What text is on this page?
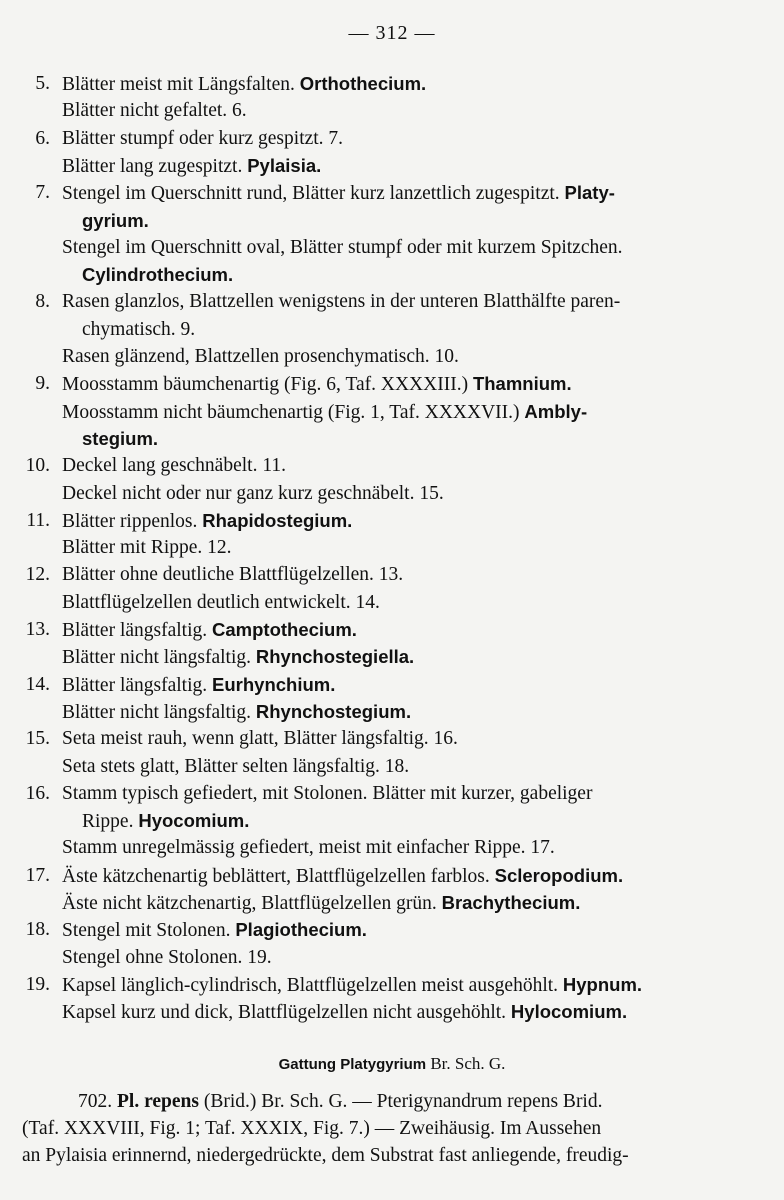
— 312 —
5. Blätter meist mit Längsfalten. Orthothecium.
Blätter nicht gefaltet. 6.
6. Blätter stumpf oder kurz gespitzt. 7.
Blätter lang zugespitzt. Pylaisia.
7. Stengel im Querschnitt rund, Blätter kurz lanzettlich zugespitzt. Platy-
gyrium.
Stengel im Querschnitt oval, Blätter stumpf oder mit kurzem Spitzchen.
Cylindrothecium.
8. Rasen glanzlos, Blattzellen wenigstens in der unteren Blatthälfte paren-
chymatisch. 9.
Rasen glänzend, Blattzellen prosenchymatisch. 10.
9. Moosstamm bäumchenartig (Fig. 6, Taf. XXXXIII.) Thamnium.
Moosstamm nicht bäumchenartig (Fig. 1, Taf. XXXXVII.) Ambly-
stegium.
10. Deckel lang geschnäbelt. 11.
Deckel nicht oder nur ganz kurz geschnäbelt. 15.
11. Blätter rippenlos. Rhapidostegium.
Blätter mit Rippe. 12.
12. Blätter ohne deutliche Blattflügelzellen. 13.
Blattflügelzellen deutlich entwickelt. 14.
13. Blätter längsfaltig. Camptothecium.
Blätter nicht längsfaltig. Rhynchostegiella.
14. Blätter längsfaltig. Eurhynchium.
Blätter nicht längsfaltig. Rhynchostegium.
15. Seta meist rauh, wenn glatt, Blätter längsfaltig. 16.
Seta stets glatt, Blätter selten längsfaltig. 18.
16. Stamm typisch gefiedert, mit Stolonen. Blätter mit kurzer, gabeliger
Rippe. Hyocomium.
Stamm unregelmässig gefiedert, meist mit einfacher Rippe. 17.
17. Äste kätzchenartig beblättert, Blattflügelzellen farblos. Scleropodium.
Äste nicht kätzchenartig, Blattflügelzellen grün. Brachythecium.
18. Stengel mit Stolonen. Plagiothecium.
Stengel ohne Stolonen. 19.
19. Kapsel länglich-cylindrisch, Blattflügelzellen meist ausgehöhlt. Hypnum.
Kapsel kurz und dick, Blattflügelzellen nicht ausgehöhlt. Hylocomium.
Gattung Platygyrium Br. Sch. G.
702. Pl. repens (Brid.) Br. Sch. G. — Pterigynandrum repens Brid.
(Taf. XXXVIII, Fig. 1; Taf. XXXIX, Fig. 7.) — Zweihäusig. Im Aussehen
an Pylaisia erinnernd, niedergedrückte, dem Substrat fast anliegende, freudig-
